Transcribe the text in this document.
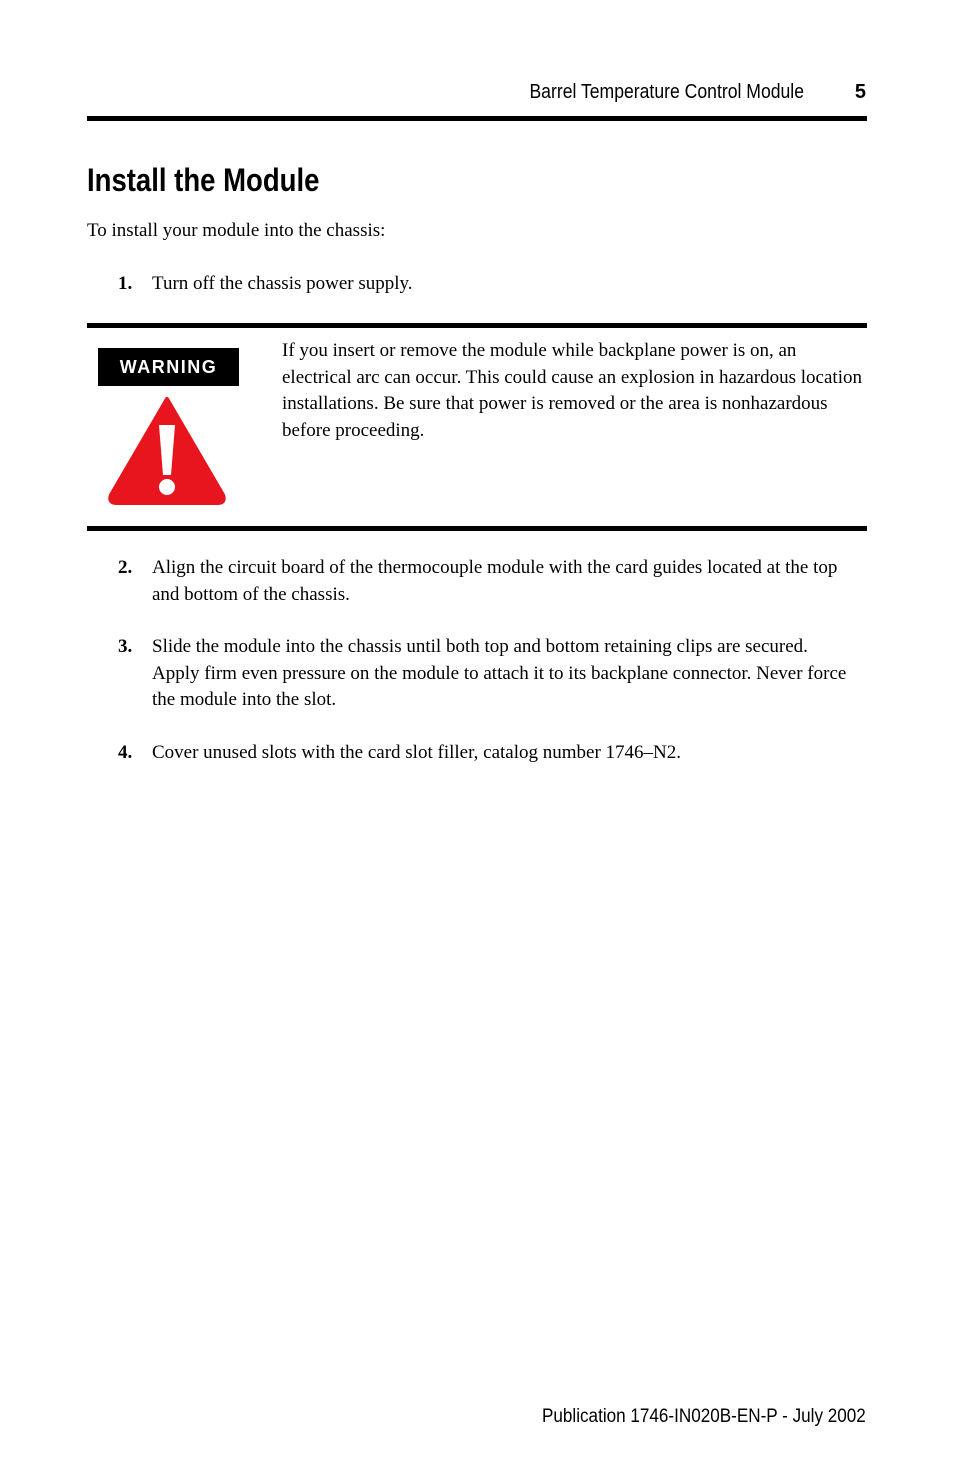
Barrel Temperature Control Module	5
Install the Module

To install your module into the chassis:

1. Turn off the chassis power supply.
WARNING

If you insert or remove the module while backplane power is on, an electrical arc can occur. This could cause an explosion in hazardous location installations. Be sure that power is removed or the area is nonhazardous before proceeding.

2. Align the circuit board of the thermocouple module with the card guides located at the top and bottom of the chassis.
3. Slide the module into the chassis until both top and bottom retaining clips are secured. Apply firm even pressure on the module to attach it to its backplane connector. Never force the module into the slot.
4. Cover unused slots with the card slot filler, catalog number 1746–N2.
Publication 1746-IN020B-EN-P - July 2002
